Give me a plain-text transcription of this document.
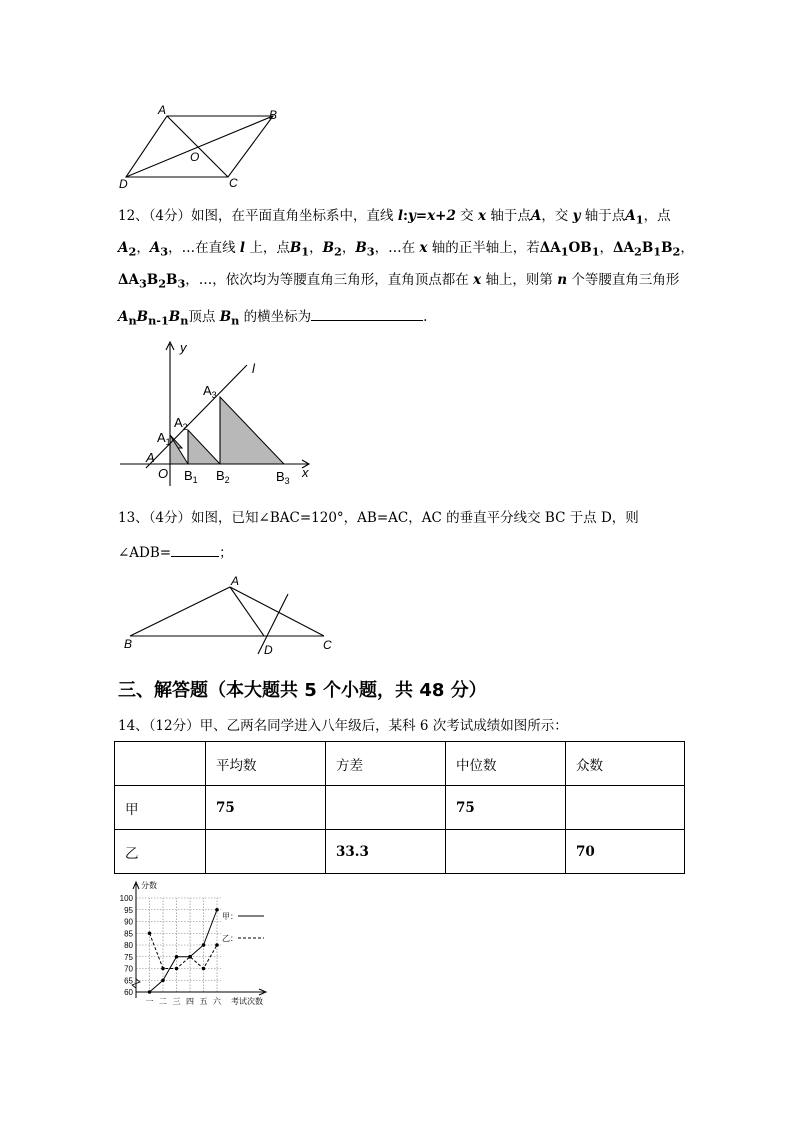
A	B
C
D
O
12、（4分）如图，在平面直角坐标系中，直线 l:y=x+2 交 x 轴于点A，交 y 轴于点$A_1$，点
$A_2$，$A_3$，…在直线 l 上，点$B_1$，$B_2$，$B_3$，…在 x 轴的正半轴上，若$\Delta A_1OB_1$，$\Delta A_2B_1B_2$，
$\Delta A_3B_2B_3$，…，依次均为等腰直角三角形，直角顶点都在 x 轴上，则第 n 个等腰直角三角形
$A_nB_{n-1}B_n$顶点 $B_n$ 的横坐标为	.
y
x
l
A
O
$A_1$
$A_2$
$A_3$
$B_1$ $B_2$	$B_3$
13、（4分）如图，已知∠BAC=120°，AB=AC，AC 的垂直平分线交 BC 于点 D，则
∠ADB=	；
A
B	C
D
三、解答题（本大题共 5 个小题，共 48 分）
14、（12分）甲、乙两名同学进入八年级后，某科 6 次考试成绩如图所示：
	平均数	方差	中位数	众数
甲	75		75	
乙		33.3		70
60
65
70
75
80
85
90
95
100
一 二 三 四 五 六
分数
考试次数
甲：
乙：
